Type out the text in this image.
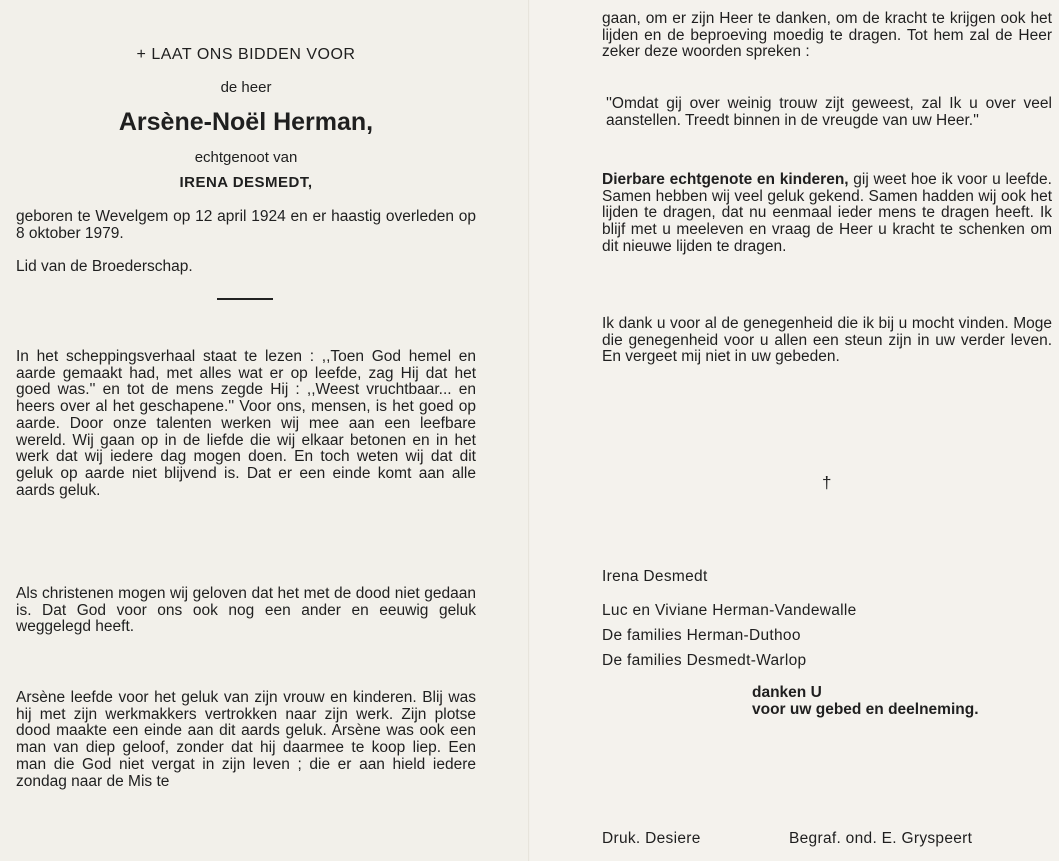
+ LAAT ONS BIDDEN VOOR
de heer
Arsène-Noël Herman,
echtgenoot van
IRENA DESMEDT,
geboren te Wevelgem op 12 april 1924 en er haastig overleden op 8 oktober 1979.
Lid van de Broederschap.
In het scheppingsverhaal staat te lezen : ,,Toen God hemel en aarde gemaakt had, met alles wat er op leefde, zag Hij dat het goed was.'' en tot de mens zegde Hij : ,,Weest vruchtbaar... en heers over al het geschapene.'' Voor ons, mensen, is het goed op aarde. Door onze talenten werken wij mee aan een leefbare wereld. Wij gaan op in de liefde die wij elkaar betonen en in het werk dat wij iedere dag mogen doen. En toch weten wij dat dit geluk op aarde niet blijvend is. Dat er een einde komt aan alle aards geluk.
Als christenen mogen wij geloven dat het met de dood niet gedaan is. Dat God voor ons ook nog een ander en eeuwig geluk weggelegd heeft.
Arsène leefde voor het geluk van zijn vrouw en kinderen. Blij was hij met zijn werkmakkers vertrokken naar zijn werk. Zijn plotse dood maakte een einde aan dit aards geluk. Arsène was ook een man van diep geloof, zonder dat hij daarmee te koop liep. Een man die God niet vergat in zijn leven ; die er aan hield iedere zondag naar de Mis te
gaan, om er zijn Heer te danken, om de kracht te krijgen ook het lijden en de beproeving moedig te dragen. Tot hem zal de Heer zeker deze woorden spreken :
''Omdat gij over weinig trouw zijt geweest, zal Ik u over veel aanstellen. Treedt binnen in de vreugde van uw Heer.''
Dierbare echtgenote en kinderen, gij weet hoe ik voor u leefde. Samen hebben wij veel geluk gekend. Samen hadden wij ook het lijden te dragen, dat nu eenmaal ieder mens te dragen heeft. Ik blijf met u meeleven en vraag de Heer u kracht te schenken om dit nieuwe lijden te dragen.
Ik dank u voor al de genegenheid die ik bij u mocht vinden. Moge die genegenheid voor u allen een steun zijn in uw verder leven. En vergeet mij niet in uw gebeden.
†
Irena Desmedt
Luc en Viviane Herman-Vandewalle
De families Herman-Duthoo
De families Desmedt-Warlop
danken U
voor uw gebed en deelneming.
Druk. Desiere	Begraf. ond. E. Gryspeert
